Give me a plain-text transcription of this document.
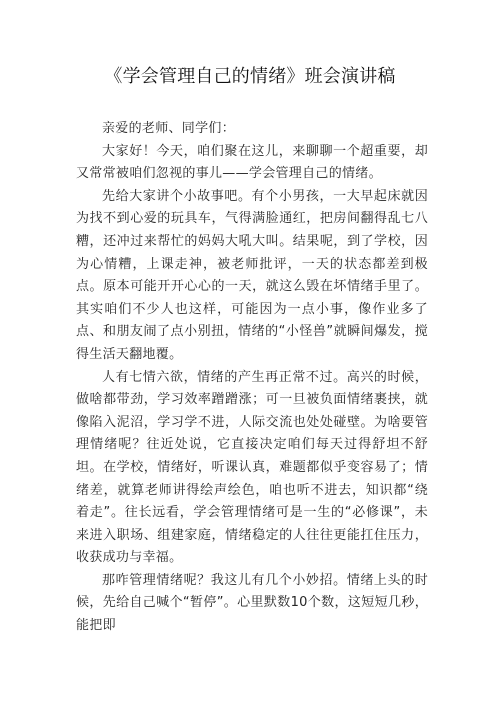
《学会管理自己的情绪》班会演讲稿

亲爱的老师、同学们：

大家好！今天，咱们聚在这儿，来聊聊一个超重要，却又常常被咱们忽视的事儿——学会管理自己的情绪。

先给大家讲个小故事吧。有个小男孩，一大早起床就因为找不到心爱的玩具车，气得满脸通红，把房间翻得乱七八糟，还冲过来帮忙的妈妈大吼大叫。结果呢，到了学校，因为心情糟，上课走神，被老师批评，一天的状态都差到极点。原本可能开开心心的一天，就这么毁在坏情绪手里了。其实咱们不少人也这样，可能因为一点小事，像作业多了点、和朋友闹了点小别扭，情绪的“小怪兽”就瞬间爆发，搅得生活天翻地覆。

人有七情六欲，情绪的产生再正常不过。高兴的时候，做啥都带劲，学习效率蹭蹭涨；可一旦被负面情绪裹挟，就像陷入泥沼，学习学不进，人际交流也处处碰壁。为啥要管理情绪呢？往近处说，它直接决定咱们每天过得舒坦不舒坦。在学校，情绪好，听课认真，难题都似乎变容易了；情绪差，就算老师讲得绘声绘色，咱也听不进去，知识都“绕着走”。往长远看，学会管理情绪可是一生的“必修课”，未来进入职场、组建家庭，情绪稳定的人往往更能扛住压力，收获成功与幸福。

那咋管理情绪呢？我这儿有几个小妙招。情绪上头的时候，先给自己喊个“暂停”。心里默数10个数，这短短几秒，能把即
